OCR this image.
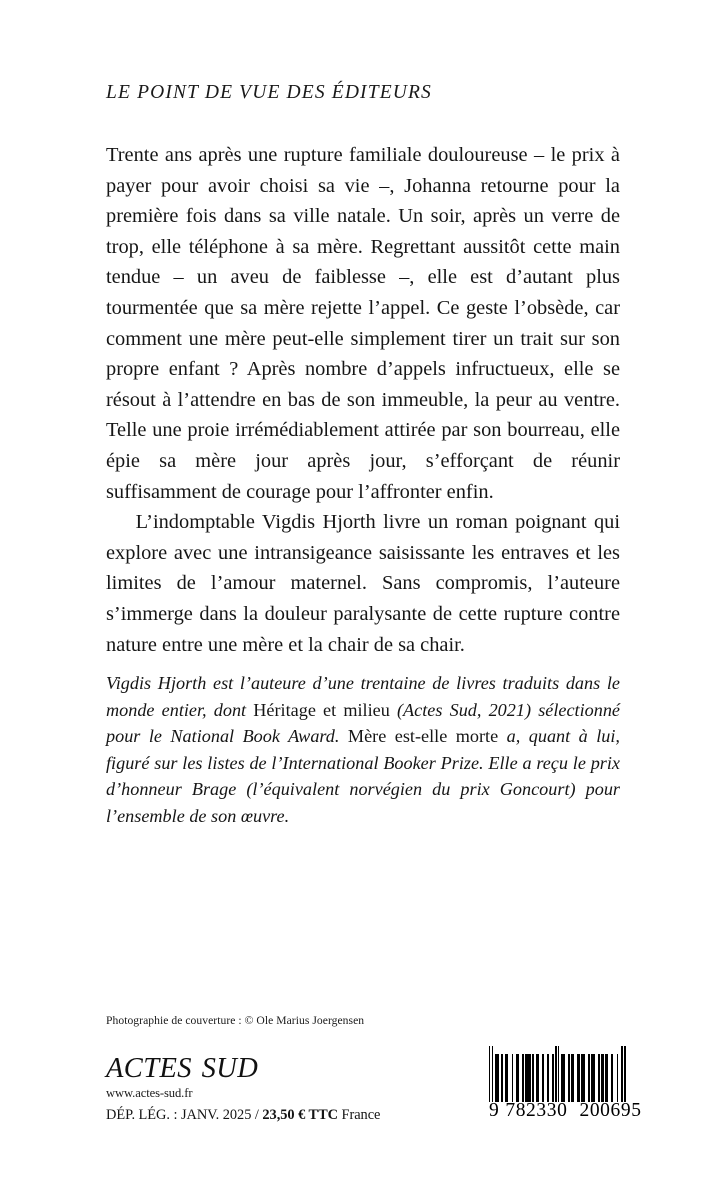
LE POINT DE VUE DES ÉDITEURS

Trente ans après une rupture familiale douloureuse – le prix à payer pour avoir choisi sa vie –, Johanna retourne pour la première fois dans sa ville natale. Un soir, après un verre de trop, elle téléphone à sa mère. Regrettant aussitôt cette main tendue – un aveu de faiblesse –, elle est d’autant plus tourmentée que sa mère rejette l’appel. Ce geste l’obsède, car comment une mère peut-elle simplement tirer un trait sur son propre enfant ? Après nombre d’appels infructueux, elle se résout à l’attendre en bas de son immeuble, la peur au ventre. Telle une proie irrémédiablement attirée par son bourreau, elle épie sa mère jour après jour, s’efforçant de réunir suffisamment de courage pour l’affronter enfin.

L’indomptable Vigdis Hjorth livre un roman poignant qui explore avec une intransigeance saisissante les entraves et les limites de l’amour maternel. Sans compromis, l’auteure s’immerge dans la douleur paralysante de cette rupture contre nature entre une mère et la chair de sa chair.

Vigdis Hjorth est l’auteure d’une trentaine de livres traduits dans le monde entier, dont Héritage et milieu (Actes Sud, 2021) sélectionné pour le National Book Award. Mère est-elle morte a, quant à lui, figuré sur les listes de l’International Booker Prize. Elle a reçu le prix d’honneur Brage (l’équivalent norvégien du prix Goncourt) pour l’ensemble de son œuvre.

Photographie de couverture : © Ole Marius Joergensen
ACTES SUD
www.actes-sud.fr
DÉP. LÉG. : JANV. 2025 / 23,50 € TTC France	9 782330 200695
